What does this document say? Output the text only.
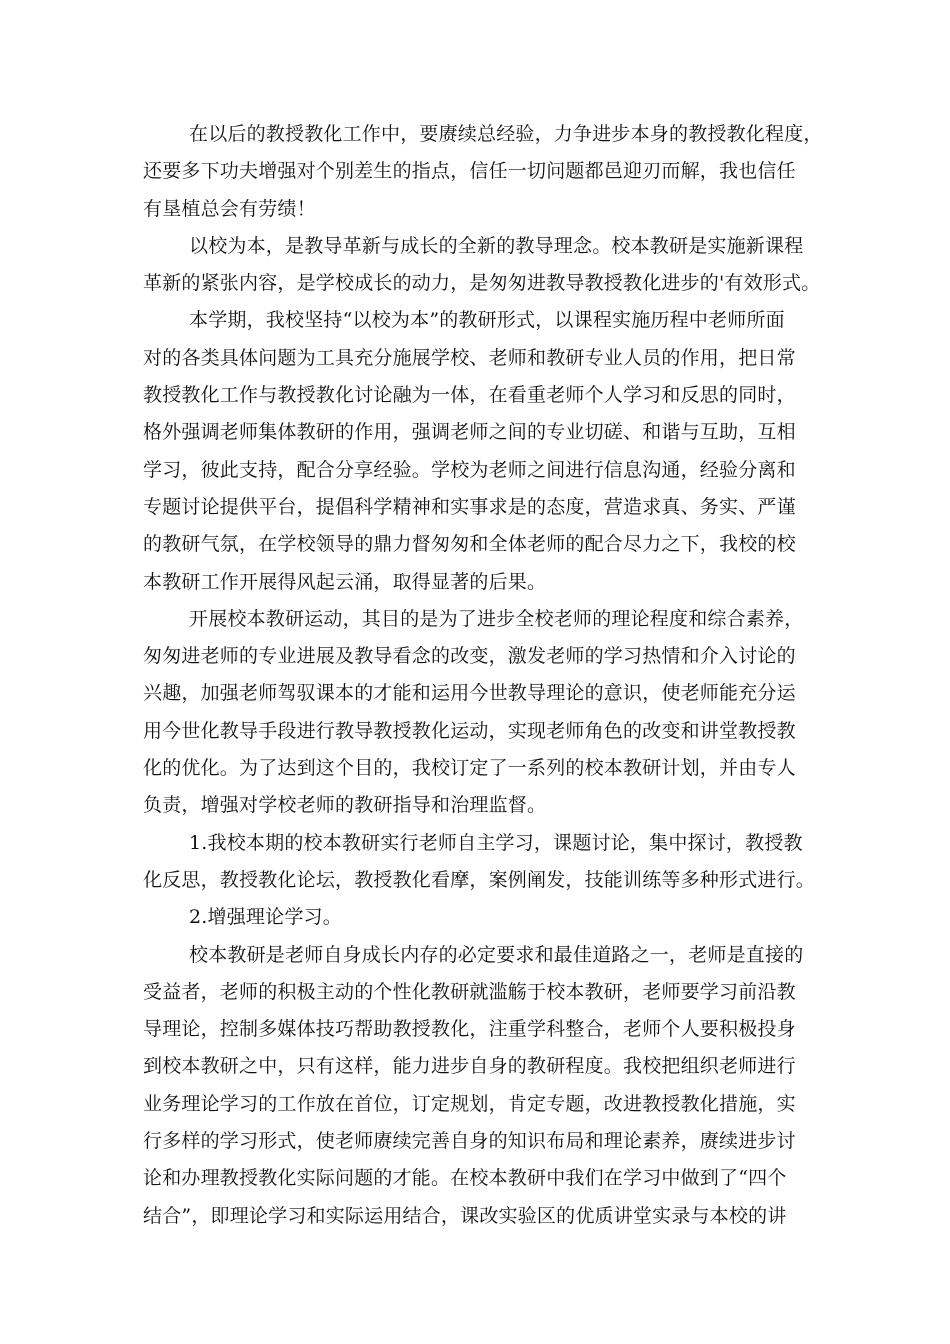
在以后的教授教化工作中，要赓续总经验，力争进步本身的教授教化程度，
还要多下功夫增强对个别差生的指点，信任一切问题都邑迎刃而解，我也信任
有垦植总会有劳绩！
以校为本，是教导革新与成长的全新的教导理念。校本教研是实施新课程
革新的紧张内容，是学校成长的动力，是匆匆进教导教授教化进步的'有效形式。
本学期，我校坚持“以校为本”的教研形式，以课程实施历程中老师所面
对的各类具体问题为工具充分施展学校、老师和教研专业人员的作用，把日常
教授教化工作与教授教化讨论融为一体，在看重老师个人学习和反思的同时，
格外强调老师集体教研的作用，强调老师之间的专业切磋、和谐与互助，互相
学习，彼此支持，配合分享经验。学校为老师之间进行信息沟通，经验分离和
专题讨论提供平台，提倡科学精神和实事求是的态度，营造求真、务实、严谨
的教研气氛，在学校领导的鼎力督匆匆和全体老师的配合尽力之下，我校的校
本教研工作开展得风起云涌，取得显著的后果。
开展校本教研运动，其目的是为了进步全校老师的理论程度和综合素养，
匆匆进老师的专业进展及教导看念的改变，激发老师的学习热情和介入讨论的
兴趣，加强老师驾驭课本的才能和运用今世教导理论的意识，使老师能充分运
用今世化教导手段进行教导教授教化运动，实现老师角色的改变和讲堂教授教
化的优化。为了达到这个目的，我校订定了一系列的校本教研计划，并由专人
负责，增强对学校老师的教研指导和治理监督。
1.我校本期的校本教研实行老师自主学习，课题讨论，集中探讨，教授教
化反思，教授教化论坛，教授教化看摩，案例阐发，技能训练等多种形式进行。
2.增强理论学习。
校本教研是老师自身成长内存的必定要求和最佳道路之一，老师是直接的
受益者，老师的积极主动的个性化教研就滥觞于校本教研，老师要学习前沿教
导理论，控制多媒体技巧帮助教授教化，注重学科整合，老师个人要积极投身
到校本教研之中，只有这样，能力进步自身的教研程度。我校把组织老师进行
业务理论学习的工作放在首位，订定规划，肯定专题，改进教授教化措施，实
行多样的学习形式，使老师赓续完善自身的知识布局和理论素养，赓续进步讨
论和办理教授教化实际问题的才能。在校本教研中我们在学习中做到了“四个
结合”，即理论学习和实际运用结合，课改实验区的优质讲堂实录与本校的讲
